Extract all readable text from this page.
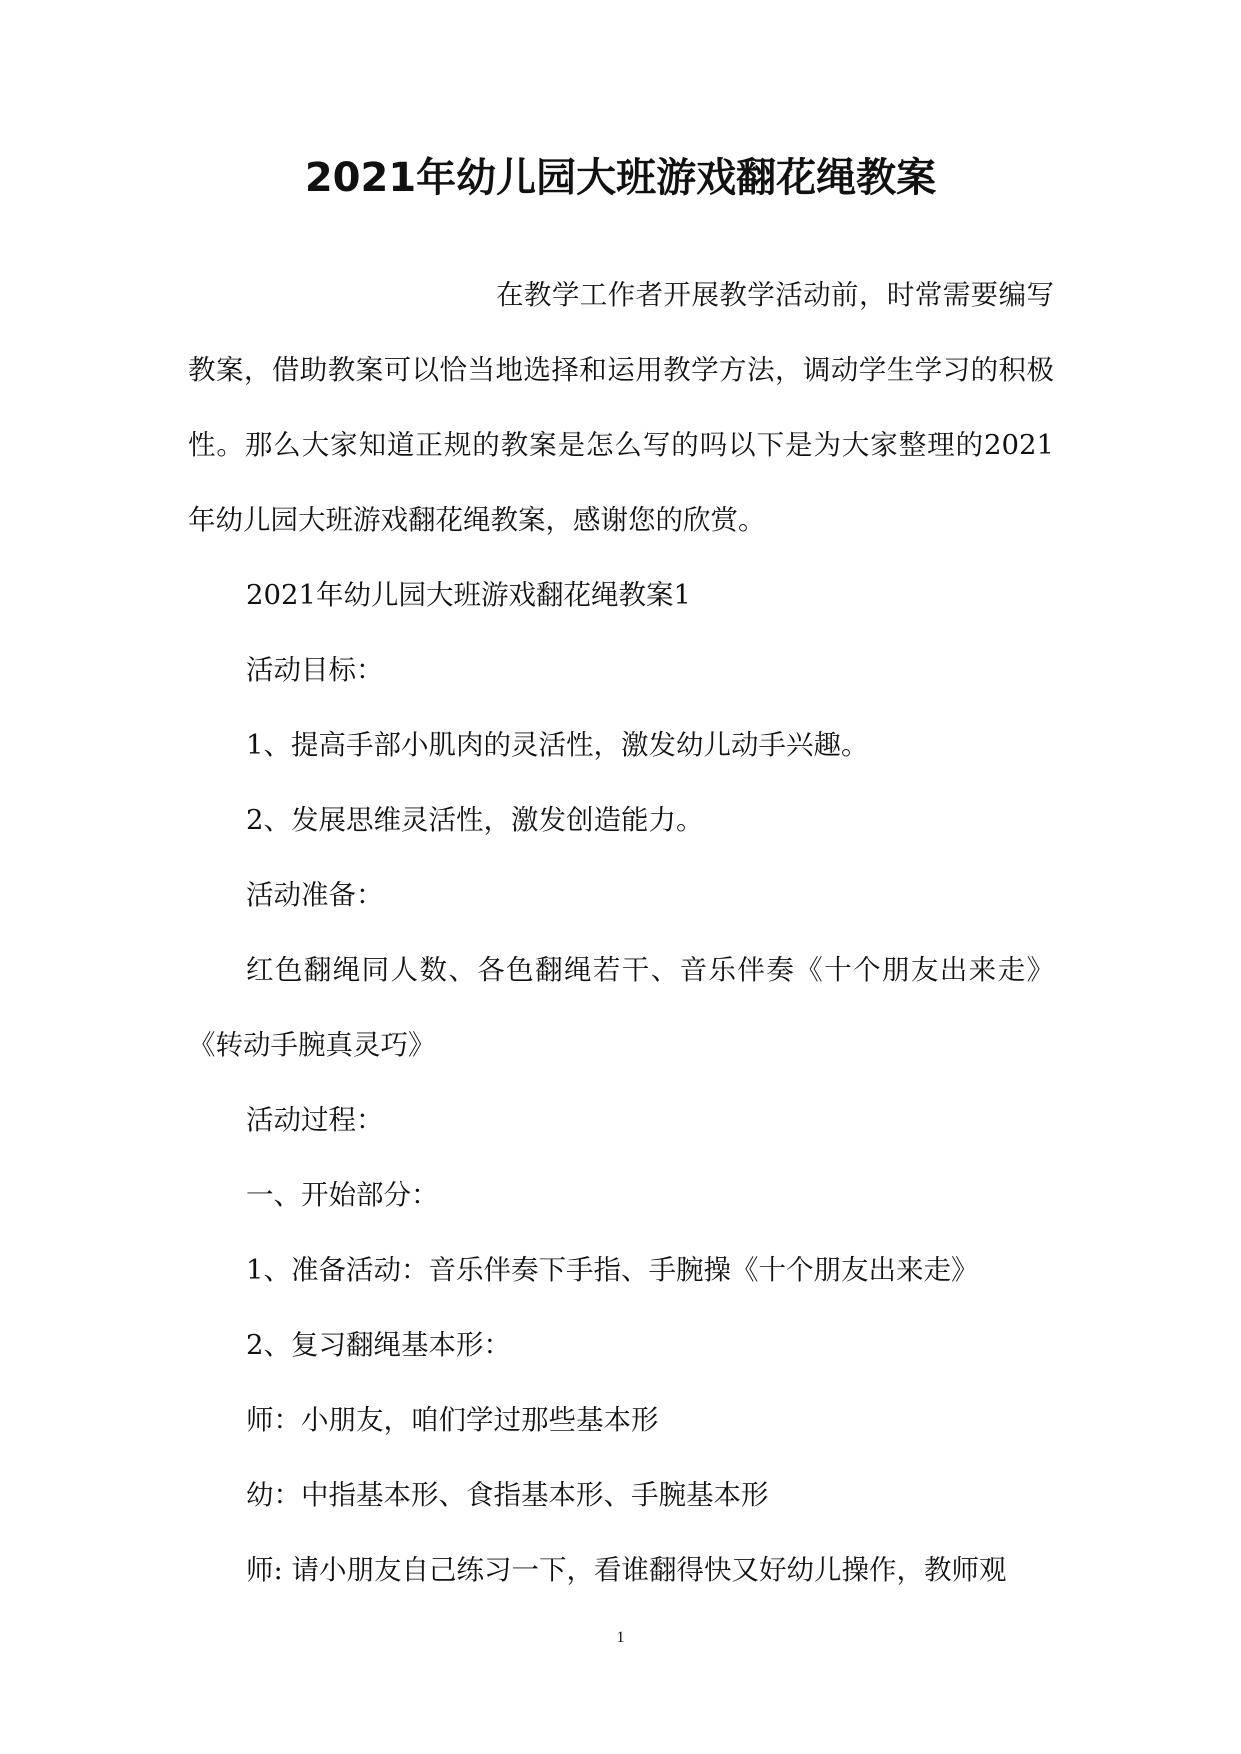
2021年幼儿园大班游戏翻花绳教案

在教学工作者开展教学活动前，时常需要编写教案，借助教案可以恰当地选择和运用教学方法，调动学生学习的积极性。那么大家知道正规的教案是怎么写的吗以下是为大家整理的2021年幼儿园大班游戏翻花绳教案，感谢您的欣赏。

2021年幼儿园大班游戏翻花绳教案1

活动目标：

1、提高手部小肌肉的灵活性，激发幼儿动手兴趣。

2、发展思维灵活性，激发创造能力。

活动准备：

红色翻绳同人数、各色翻绳若干、音乐伴奏《十个朋友出来走》《转动手腕真灵巧》

活动过程：

一、开始部分：

1、准备活动：音乐伴奏下手指、手腕操《十个朋友出来走》

2、复习翻绳基本形：

师：小朋友，咱们学过那些基本形

幼：中指基本形、食指基本形、手腕基本形

师: 请小朋友自己练习一下，看谁翻得快又好幼儿操作，教师观

1
